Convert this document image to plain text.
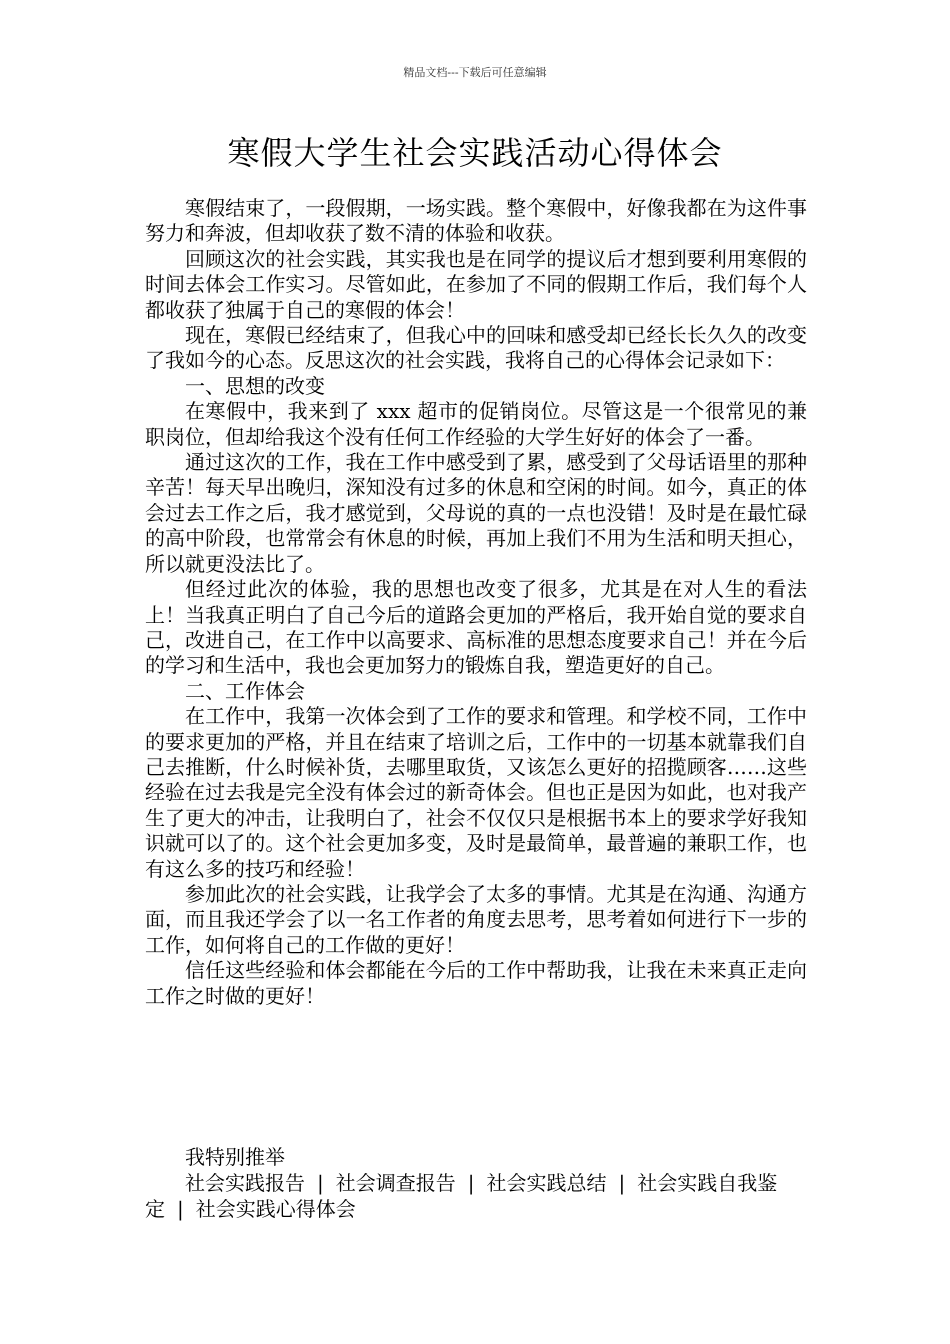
精品文档---下载后可任意编辑
寒假大学生社会实践活动心得体会

寒假结束了，一段假期，一场实践。整个寒假中，好像我都在为这件事努力和奔波，但却收获了数不清的体验和收获。

回顾这次的社会实践，其实我也是在同学的提议后才想到要利用寒假的时间去体会工作实习。尽管如此，在参加了不同的假期工作后，我们每个人都收获了独属于自己的寒假的体会！

现在，寒假已经结束了，但我心中的回味和感受却已经长长久久的改变了我如今的心态。反思这次的社会实践，我将自己的心得体会记录如下：

一、思想的改变

在寒假中，我来到了 xxx 超市的促销岗位。尽管这是一个很常见的兼职岗位，但却给我这个没有任何工作经验的大学生好好的体会了一番。

通过这次的工作，我在工作中感受到了累，感受到了父母话语里的那种辛苦！每天早出晚归，深知没有过多的休息和空闲的时间。如今，真正的体会过去工作之后，我才感觉到，父母说的真的一点也没错！及时是在最忙碌的高中阶段，也常常会有休息的时候，再加上我们不用为生活和明天担心，所以就更没法比了。

但经过此次的体验，我的思想也改变了很多，尤其是在对人生的看法上！当我真正明白了自己今后的道路会更加的严格后，我开始自觉的要求自己，改进自己，在工作中以高要求、高标准的思想态度要求自己！并在今后的学习和生活中，我也会更加努力的锻炼自我，塑造更好的自己。

二、工作体会

在工作中，我第一次体会到了工作的要求和管理。和学校不同，工作中的要求更加的严格，并且在结束了培训之后，工作中的一切基本就靠我们自己去推断，什么时候补货，去哪里取货，又该怎么更好的招揽顾客……这些经验在过去我是完全没有体会过的新奇体会。但也正是因为如此，也对我产生了更大的冲击，让我明白了，社会不仅仅只是根据书本上的要求学好我知识就可以了的。这个社会更加多变，及时是最简单，最普遍的兼职工作，也有这么多的技巧和经验！

参加此次的社会实践，让我学会了太多的事情。尤其是在沟通、沟通方面，而且我还学会了以一名工作者的角度去思考，思考着如何进行下一步的工作，如何将自己的工作做的更好！

信任这些经验和体会都能在今后的工作中帮助我，让我在未来真正走向工作之时做的更好！

我特别推举

社会实践报告 | 社会调查报告 | 社会实践总结 | 社会实践自我鉴定 | 社会实践心得体会
